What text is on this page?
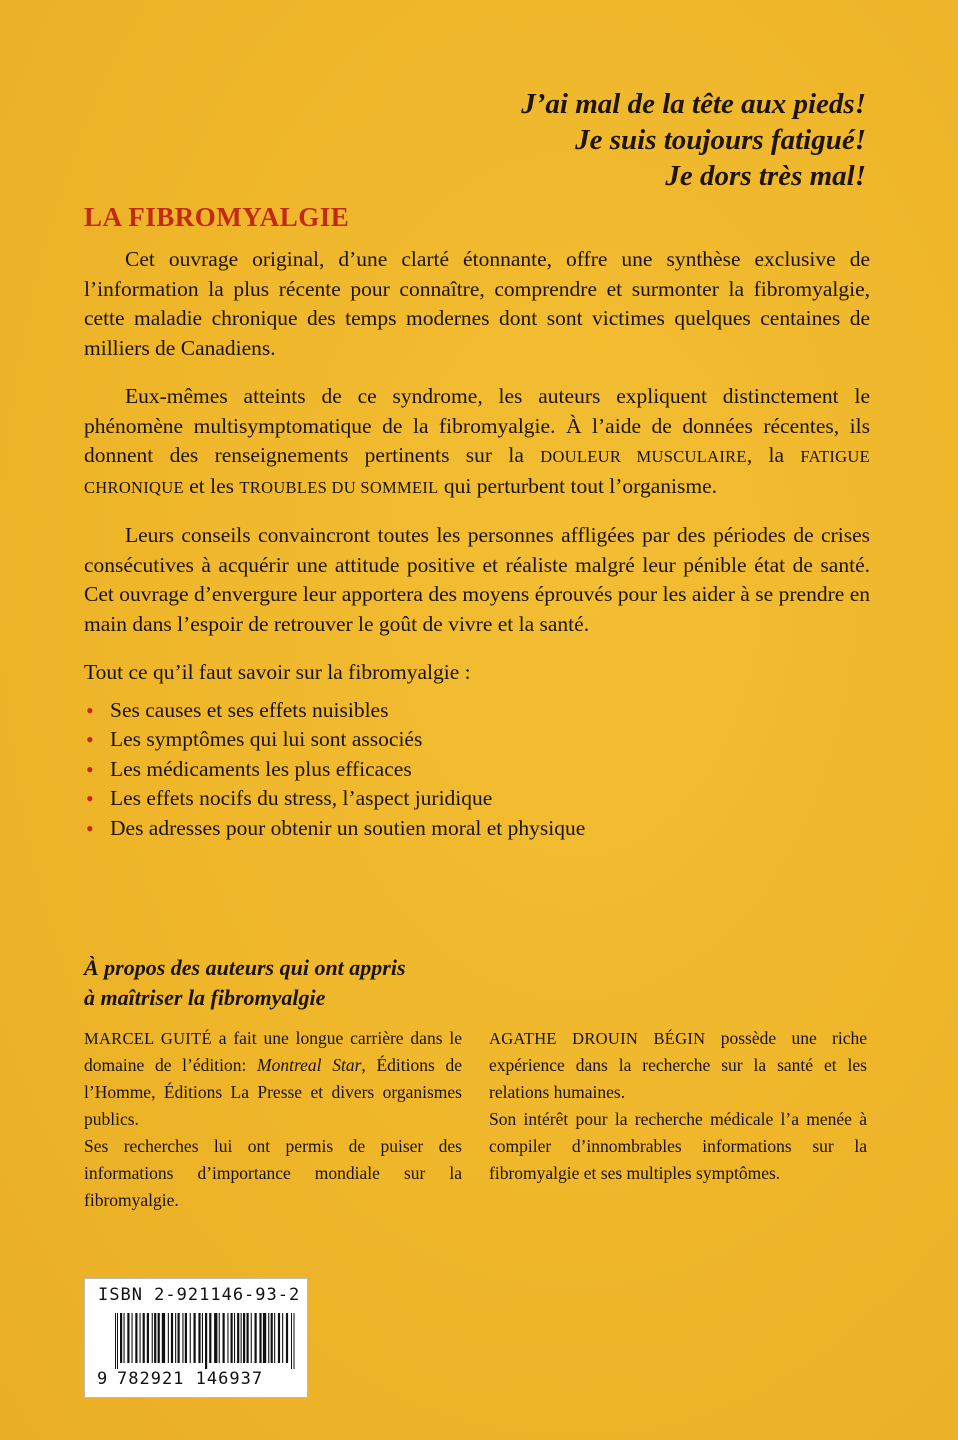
J’ai mal de la tête aux pieds!
Je suis toujours fatigué!
Je dors très mal!
LA FIBROMYALGIE

Cet ouvrage original, d’une clarté étonnante, offre une synthèse exclusive de l’information la plus récente pour connaître, comprendre et surmonter la fibromyalgie, cette maladie chronique des temps modernes dont sont victimes quelques centaines de milliers de Canadiens.

Eux-mêmes atteints de ce syndrome, les auteurs expliquent distinctement le phénomène multisymptomatique de la fibromyalgie. À l’aide de données récentes, ils donnent des renseignements pertinents sur la DOULEUR MUSCULAIRE, la FATIGUE CHRONIQUE et les TROUBLES DU SOMMEIL qui perturbent tout l’organisme.

Leurs conseils convaincront toutes les personnes affligées par des périodes de crises consécutives à acquérir une attitude positive et réaliste malgré leur pénible état de santé. Cet ouvrage d’envergure leur apportera des moyens éprouvés pour les aider à se prendre en main dans l’espoir de retrouver le goût de vivre et la santé.

Tout ce qu’il faut savoir sur la fibromyalgie :
• Ses causes et ses effets nuisibles
• Les symptômes qui lui sont associés
• Les médicaments les plus efficaces
• Les effets nocifs du stress, l’aspect juridique
• Des adresses pour obtenir un soutien moral et physique
À propos des auteurs qui ont appris
à maîtriser la fibromyalgie

MARCEL GUITÉ a fait une longue carrière dans le domaine de l’édition: Montreal Star, Éditions de l’Homme, Éditions La Presse et divers organismes publics.

Ses recherches lui ont permis de puiser des informations d’importance mondiale sur la fibromyalgie.

AGATHE DROUIN BÉGIN possède une riche expérience dans la recherche sur la santé et les relations humaines.

Son intérêt pour la recherche médicale l’a menée à compiler d’innombrables informations sur la fibromyalgie et ses multiples symptômes.

ISBN 2-921146-93-2
9 782921 146937
